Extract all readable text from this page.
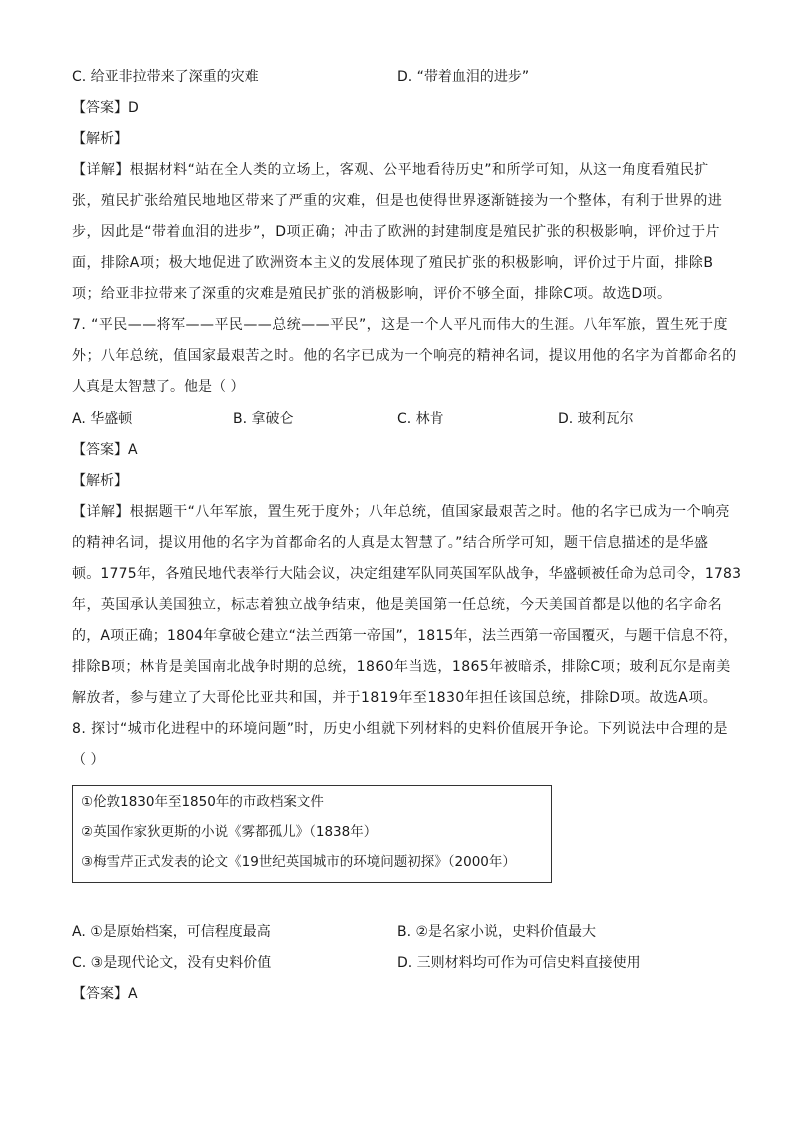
C. 给亚非拉带来了深重的灾难	D. “带着血泪的进步”
【答案】D
【解析】
【详解】根据材料“站在全人类的立场上，客观、公平地看待历史”和所学可知，从这一角度看殖民扩
张，殖民扩张给殖民地地区带来了严重的灾难，但是也使得世界逐渐链接为一个整体，有利于世界的进
步，因此是“带着血泪的进步”，D项正确；冲击了欧洲的封建制度是殖民扩张的积极影响，评价过于片
面，排除A项；极大地促进了欧洲资本主义的发展体现了殖民扩张的积极影响，评价过于片面，排除B
项；给亚非拉带来了深重的灾难是殖民扩张的消极影响，评价不够全面，排除C项。故选D项。
7. “平民——将军——平民——总统——平民”，这是一个人平凡而伟大的生涯。八年军旅，置生死于度
外；八年总统，值国家最艰苦之时。他的名字已成为一个响亮的精神名词，提议用他的名字为首都命名的
人真是太智慧了。他是（ ）
A. 华盛顿	B. 拿破仑	C. 林肯	D. 玻利瓦尔
【答案】A
【解析】
【详解】根据题干“八年军旅，置生死于度外；八年总统，值国家最艰苦之时。他的名字已成为一个响亮
的精神名词，提议用他的名字为首都命名的人真是太智慧了。”结合所学可知，题干信息描述的是华盛
顿。1775年，各殖民地代表举行大陆会议，决定组建军队同英国军队战争，华盛顿被任命为总司令，1783
年，英国承认美国独立，标志着独立战争结束，他是美国第一任总统，今天美国首都是以他的名字命名
的，A项正确；1804年拿破仑建立“法兰西第一帝国”，1815年，法兰西第一帝国覆灭，与题干信息不符，
排除B项；林肯是美国南北战争时期的总统，1860年当选，1865年被暗杀，排除C项；玻利瓦尔是南美
解放者，参与建立了大哥伦比亚共和国，并于1819年至1830年担任该国总统，排除D项。故选A项。
8. 探讨“城市化进程中的环境问题”时，历史小组就下列材料的史料价值展开争论。下列说法中合理的是
（ ）
①伦敦1830年至1850年的市政档案文件
②英国作家狄更斯的小说《雾都孤儿》（1838年）
③梅雪芹正式发表的论文《19世纪英国城市的环境问题初探》（2000年）
A. ①是原始档案，可信程度最高	B. ②是名家小说，史料价值最大
C. ③是现代论文，没有史料价值	D. 三则材料均可作为可信史料直接使用
【答案】A
